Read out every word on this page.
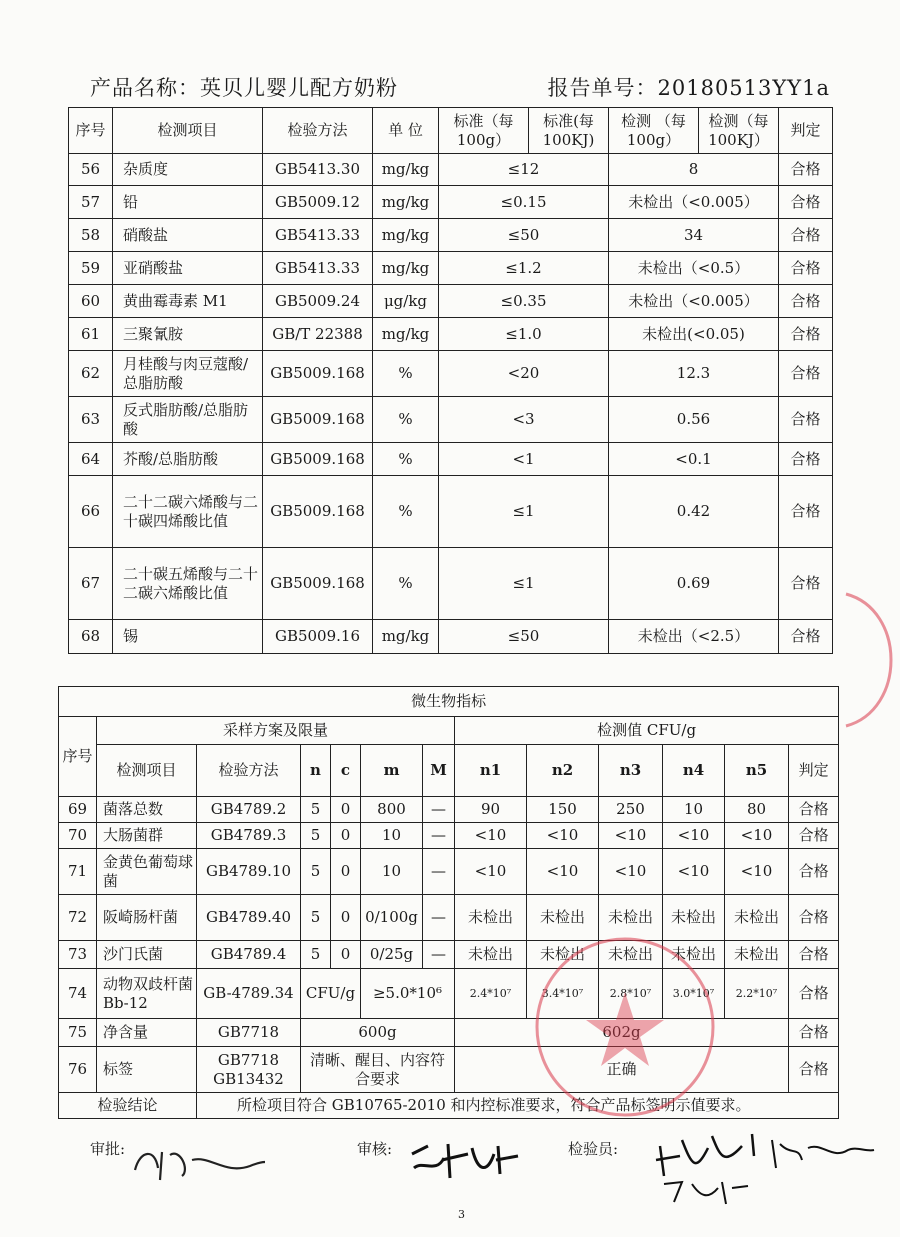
产品名称：英贝儿婴儿配方奶粉	报告单号：20180513YY1a
序号	检测项目	检验方法	单 位	标准（每100g）	标准(每100KJ)	检测 （每100g）	检测（每100KJ）	判定
56	杂质度	GB5413.30	mg/kg	≤12		8		合格
57	铅	GB5009.12	mg/kg	≤0.15		未检出（<0.005）		合格
58	硝酸盐	GB5413.33	mg/kg	≤50		34		合格
59	亚硝酸盐	GB5413.33	mg/kg	≤1.2		未检出（<0.5）		合格
60	黄曲霉毒素 M1	GB5009.24	μg/kg	≤0.35		未检出（<0.005）		合格
61	三聚氰胺	GB/T 22388	mg/kg	≤1.0		未检出(<0.05)		合格
62	月桂酸与肉豆蔻酸/总脂肪酸	GB5009.168	%	<20		12.3		合格
63	反式脂肪酸/总脂肪酸	GB5009.168	%	<3		0.56		合格
64	芥酸/总脂肪酸	GB5009.168	%	<1		<0.1		合格
66	二十二碳六烯酸与二十碳四烯酸比值	GB5009.168	%	≤1		0.42		合格
67	二十碳五烯酸与二十二碳六烯酸比值	GB5009.168	%	≤1		0.69		合格
68	锡	GB5009.16	mg/kg	≤50		未检出（<2.5）		合格
微生物指标												
序号	采样方案及限量						检测值 CFU/g					
	检测项目	检验方法	n	c	m	M	n1	n2	n3	n4	n5	判定
69	菌落总数	GB4789.2	5	0	800	—	90	150	250	10	80	合格
70	大肠菌群	GB4789.3	5	0	10	—	<10	<10	<10	<10	<10	合格
71	金黄色葡萄球菌	GB4789.10	5	0	10	—	<10	<10	<10	<10	<10	合格
72	阪崎肠杆菌	GB4789.40	5	0	0/100g	—	未检出	未检出	未检出	未检出	未检出	合格
73	沙门氏菌	GB4789.4	5	0	0/25g	—	未检出	未检出	未检出	未检出	未检出	合格
74	动物双歧杆菌 Bb-12	GB-4789.34	CFU/g		≥5.0*10⁶		2.4*10⁷	3.4*10⁷	2.8*10⁷	3.0*10⁷	2.2*10⁷	合格
75	净含量	GB7718	600g				602g					合格
76	标签	GB7718
GB13432	清晰、醒目、内容符合要求				正确					合格
检验结论		所检项目符合 GB10765-2010 和内控标准要求，符合产品标签明示值要求。										
审批:	审核:	检验员:
3
